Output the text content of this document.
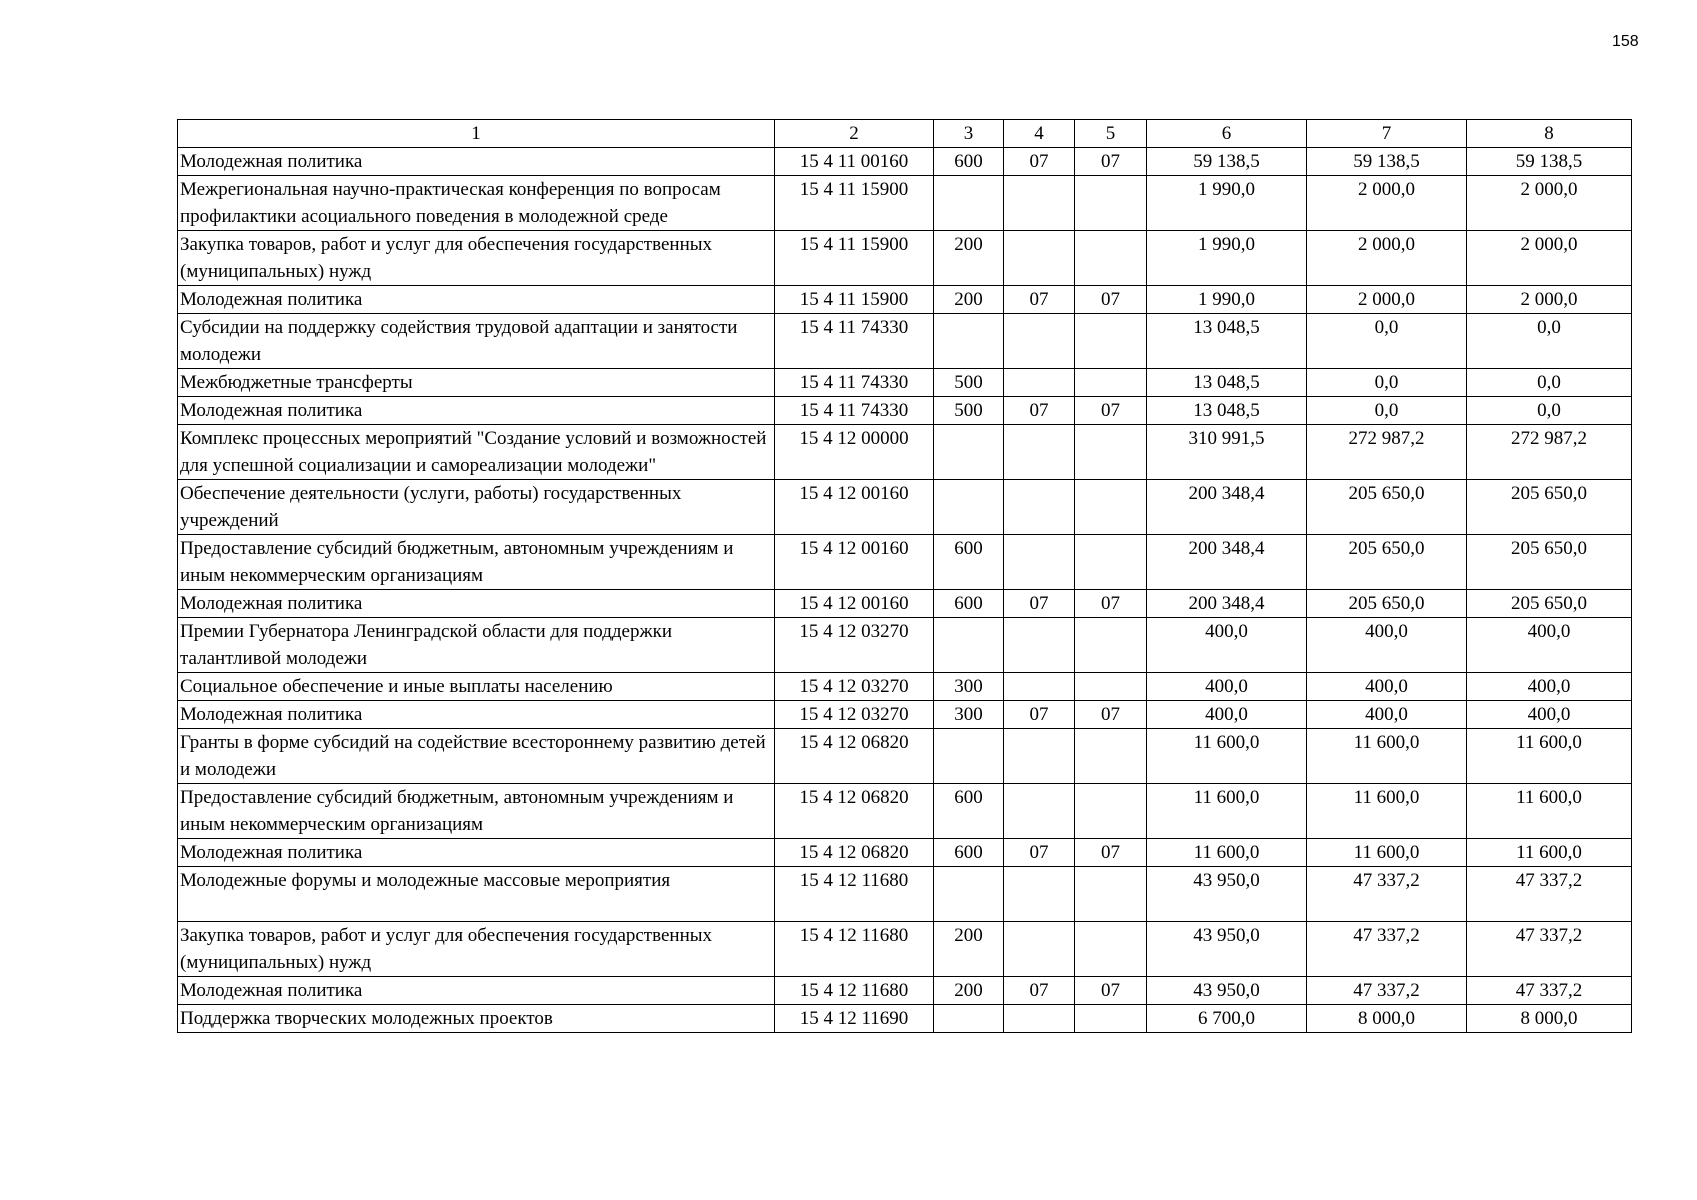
158
1	2	3	4	5	6	7	8
Молодежная политика	15 4 11 00160	600	07	07	59 138,5	59 138,5	59 138,5
Межрегиональная научно-практическая конференция по вопросам профилактики асоциального поведения в молодежной среде	15 4 11 15900				1 990,0	2 000,0	2 000,0
Закупка товаров, работ и услуг для обеспечения государственных (муниципальных) нужд	15 4 11 15900	200			1 990,0	2 000,0	2 000,0
Молодежная политика	15 4 11 15900	200	07	07	1 990,0	2 000,0	2 000,0
Субсидии на поддержку содействия трудовой адаптации и занятости молодежи	15 4 11 74330				13 048,5	0,0	0,0
Межбюджетные трансферты	15 4 11 74330	500			13 048,5	0,0	0,0
Молодежная политика	15 4 11 74330	500	07	07	13 048,5	0,0	0,0
Комплекс процессных мероприятий "Создание условий и возможностей для успешной социализации и самореализации молодежи"	15 4 12 00000				310 991,5	272 987,2	272 987,2
Обеспечение деятельности (услуги, работы) государственных учреждений	15 4 12 00160				200 348,4	205 650,0	205 650,0
Предоставление субсидий бюджетным, автономным учреждениям и иным некоммерческим организациям	15 4 12 00160	600			200 348,4	205 650,0	205 650,0
Молодежная политика	15 4 12 00160	600	07	07	200 348,4	205 650,0	205 650,0
Премии Губернатора Ленинградской области для поддержки талантливой молодежи	15 4 12 03270				400,0	400,0	400,0
Социальное обеспечение и иные выплаты населению	15 4 12 03270	300			400,0	400,0	400,0
Молодежная политика	15 4 12 03270	300	07	07	400,0	400,0	400,0
Гранты в форме субсидий на содействие всестороннему развитию детей и молодежи	15 4 12 06820				11 600,0	11 600,0	11 600,0
Предоставление субсидий бюджетным, автономным учреждениям и иным некоммерческим организациям	15 4 12 06820	600			11 600,0	11 600,0	11 600,0
Молодежная политика	15 4 12 06820	600	07	07	11 600,0	11 600,0	11 600,0
Молодежные форумы и молодежные массовые мероприятия	15 4 12 11680				43 950,0	47 337,2	47 337,2
Закупка товаров, работ и услуг для обеспечения государственных (муниципальных) нужд	15 4 12 11680	200			43 950,0	47 337,2	47 337,2
Молодежная политика	15 4 12 11680	200	07	07	43 950,0	47 337,2	47 337,2
Поддержка творческих молодежных проектов	15 4 12 11690				6 700,0	8 000,0	8 000,0
